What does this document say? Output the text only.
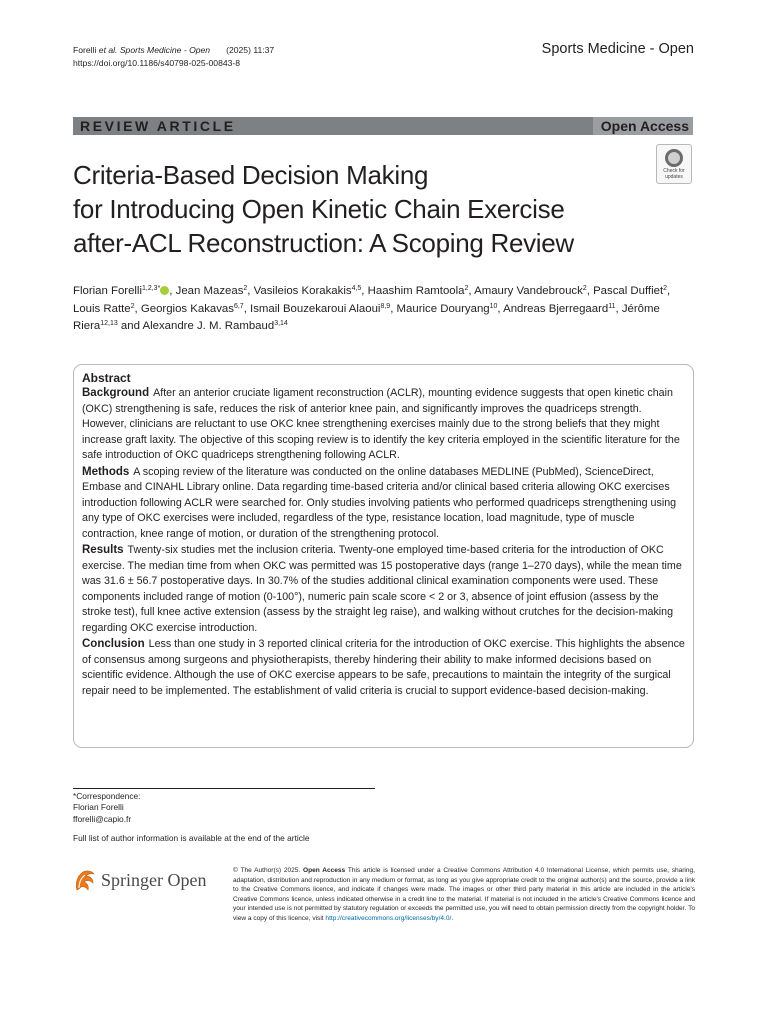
Forelli et al. Sports Medicine - Open (2025) 11:37
https://doi.org/10.1186/s40798-025-00843-8
Sports Medicine - Open
REVIEW ARTICLE	Open Access
Criteria-Based Decision Making
for Introducing Open Kinetic Chain Exercise
after-ACL Reconstruction: A Scoping Review
Check for
updates
Florian Forelli$^{1,2,3*}$ , Jean Mazeas$^2$, Vasileios Korakakis$^{4,5}$, Haashim Ramtoola$^2$, Amaury Vandebrouck$^2$, Pascal Duffiet$^2$, Louis Ratte$^2$, Georgios Kakavas$^{6,7}$, Ismail Bouzekaroui Alaoui$^{8,9}$, Maurice Douryang$^{10}$, Andreas Bjerregaard$^{11}$, Jérôme Riera$^{12,13}$ and Alexandre J. M. Rambaud$^{3,14}$
Abstract
Background After an anterior cruciate ligament reconstruction (ACLR), mounting evidence suggests that open kinetic chain (OKC) strengthening is safe, reduces the risk of anterior knee pain, and significantly improves the quadriceps strength. However, clinicians are reluctant to use OKC knee strengthening exercises mainly due to the strong beliefs that they might increase graft laxity. The objective of this scoping review is to identify the key criteria employed in the scientific literature for the safe introduction of OKC quadriceps strengthening following ACLR.
Methods A scoping review of the literature was conducted on the online databases MEDLINE (PubMed), ScienceDirect, Embase and CINAHL Library online. Data regarding time-based criteria and/or clinical based criteria allowing OKC exercises introduction following ACLR were searched for. Only studies involving patients who performed quadriceps strengthening using any type of OKC exercises were included, regardless of the type, resistance location, load magnitude, type of muscle contraction, knee range of motion, or duration of the strengthening protocol.
Results Twenty-six studies met the inclusion criteria. Twenty-one employed time-based criteria for the introduction of OKC exercise. The median time from when OKC was permitted was 15 postoperative days (range 1–270 days), while the mean time was 31.6 ± 56.7 postoperative days. In 30.7% of the studies additional clinical examination components were used. These components included range of motion (0-100°), numeric pain scale score < 2 or 3, absence of joint effusion (assess by the stroke test), full knee active extension (assess by the straight leg raise), and walking without crutches for the decision-making regarding OKC exercise introduction.
Conclusion Less than one study in 3 reported clinical criteria for the introduction of OKC exercise. This highlights the absence of consensus among surgeons and physiotherapists, thereby hindering their ability to make informed decisions based on scientific evidence. Although the use of OKC exercise appears to be safe, precautions to maintain the integrity of the surgical repair need to be implemented. The establishment of valid criteria is crucial to support evidence-based decision-making.
*Correspondence:
Florian Forelli
fforelli@capio.fr
Full list of author information is available at the end of the article
Springer Open	© The Author(s) 2025. Open Access This article is licensed under a Creative Commons Attribution 4.0 International License, which permits use, sharing, adaptation, distribution and reproduction in any medium or format, as long as you give appropriate credit to the original author(s) and the source, provide a link to the Creative Commons licence, and indicate if changes were made. The images or other third party material in this article are included in the article's Creative Commons licence, unless indicated otherwise in a credit line to the material. If material is not included in the article's Creative Commons licence and your intended use is not permitted by statutory regulation or exceeds the permitted use, you will need to obtain permission directly from the copyright holder. To view a copy of this licence, visit http://creativecommons.org/licenses/by/4.0/.
